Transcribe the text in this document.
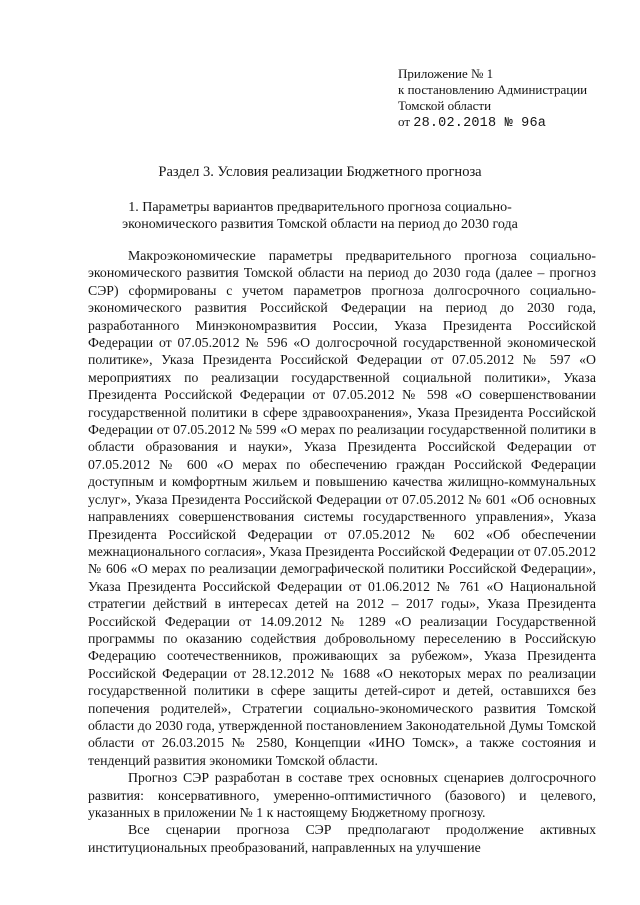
Приложение № 1
к постановлению Администрации
Томской области
от 28.02.2018 № 96а
Раздел 3. Условия реализации Бюджетного прогноза
1. Параметры вариантов предварительного прогноза социально-
экономического развития Томской области на период до 2030 года

Макроэкономические параметры предварительного прогноза социально-экономического развития Томской области на период до 2030 года (далее – прогноз СЭР) сформированы с учетом параметров прогноза долгосрочного социально-экономического развития Российской Федерации на период до 2030 года, разработанного Минэкономразвития России, Указа Президента Российской Федерации от 07.05.2012 № 596 «О долгосрочной государственной экономической политике», Указа Президента Российской Федерации от 07.05.2012 № 597 «О мероприятиях по реализации государственной социальной политики», Указа Президента Российской Федерации от 07.05.2012 № 598 «О совершенствовании государственной политики в сфере здравоохранения», Указа Президента Российской Федерации от 07.05.2012 № 599 «О мерах по реализации государственной политики в области образования и науки», Указа Президента Российской Федерации от 07.05.2012 № 600 «О мерах по обеспечению граждан Российской Федерации доступным и комфортным жильем и повышению качества жилищно-коммунальных услуг», Указа Президента Российской Федерации от 07.05.2012 № 601 «Об основных направлениях совершенствования системы государственного управления», Указа Президента Российской Федерации от 07.05.2012 № 602 «Об обеспечении межнационального согласия», Указа Президента Российской Федерации от 07.05.2012 № 606 «О мерах по реализации демографической политики Российской Федерации», Указа Президента Российской Федерации от 01.06.2012 № 761 «О Национальной стратегии действий в интересах детей на 2012 – 2017 годы», Указа Президента Российской Федерации от 14.09.2012 № 1289 «О реализации Государственной программы по оказанию содействия добровольному переселению в Российскую Федерацию соотечественников, проживающих за рубежом», Указа Президента Российской Федерации от 28.12.2012 № 1688 «О некоторых мерах по реализации государственной политики в сфере защиты детей-сирот и детей, оставшихся без попечения родителей», Стратегии социально-экономического развития Томской области до 2030 года, утвержденной постановлением Законодательной Думы Томской области от 26.03.2015 № 2580, Концепции «ИНО Томск», а также состояния и тенденций развития экономики Томской области.

Прогноз СЭР разработан в составе трех основных сценариев долгосрочного развития: консервативного, умеренно-оптимистичного (базового) и целевого, указанных в приложении № 1 к настоящему Бюджетному прогнозу.

Все сценарии прогноза СЭР предполагают продолжение активных институциональных преобразований, направленных на улучшение
